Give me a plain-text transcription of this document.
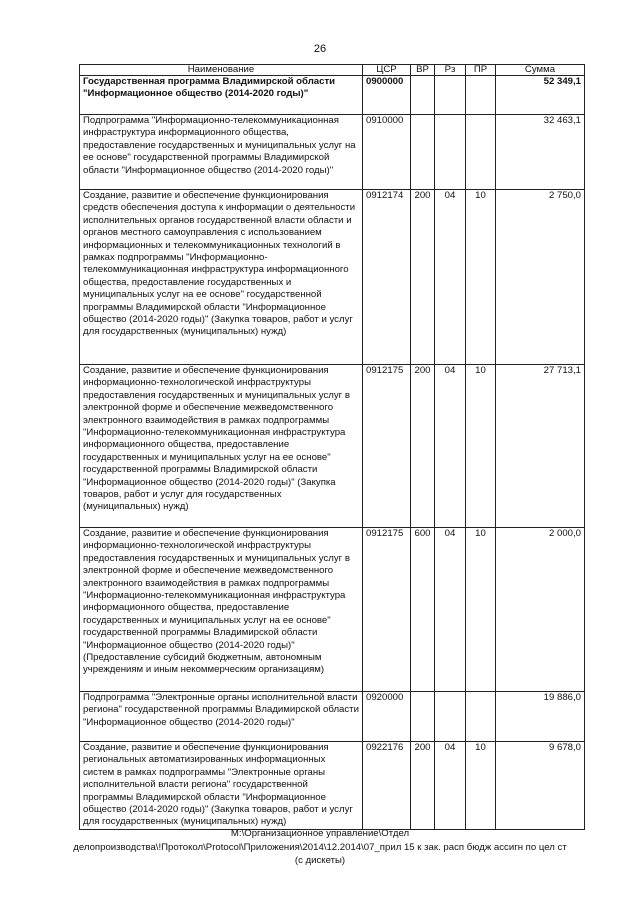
26
Наименование	ЦСР	ВР	Рз	ПР	Сумма
Государственная программа Владимирской области "Информационное общество (2014-2020 годы)"	0900000				52 349,1
Подпрограмма "Информационно-телекоммуникационная инфраструктура информационного общества, предоставление государственных и муниципальных услуг на ее основе" государственной программы Владимирской области "Информационное общество (2014-2020 годы)"	0910000				32 463,1
Создание, развитие и обеспечение функционирования средств обеспечения доступа к информации о деятельности исполнительных органов государственной власти области и органов местного самоуправления с использованием информационных и телекоммуникационных технологий в рамках подпрограммы "Информационно-телекоммуникационная инфраструктура информационного общества, предоставление государственных и муниципальных услуг на ее основе" государственной программы Владимирской области "Информационное общество (2014-2020 годы)" (Закупка товаров, работ и услуг для государственных (муниципальных) нужд)	0912174	200	04	10	2 750,0
Создание, развитие и обеспечение функционирования информационно-технологической инфраструктуры предоставления государственных и муниципальных услуг в электронной форме и обеспечение межведомственного электронного взаимодействия в рамках подпрограммы "Информационно-телекоммуникационная инфраструктура информационного общества, предоставление государственных и муниципальных услуг на ее основе" государственной программы Владимирской области "Информационное общество (2014-2020 годы)" (Закупка товаров, работ и услуг для государственных (муниципальных) нужд)	0912175	200	04	10	27 713,1
Создание, развитие и обеспечение функционирования информационно-технологической инфраструктуры предоставления государственных и муниципальных услуг в электронной форме и обеспечение межведомственного электронного взаимодействия в рамках подпрограммы "Информационно-телекоммуникационная инфраструктура информационного общества, предоставление государственных и муниципальных услуг на ее основе" государственной программы Владимирской области "Информационное общество (2014-2020 годы)" (Предоставление субсидий бюджетным, автономным учреждениям и иным некоммерческим организациям)	0912175	600	04	10	2 000,0
Подпрограмма "Электронные органы исполнительной власти региона" государственной программы Владимирской области "Информационное общество (2014-2020 годы)"	0920000				19 886,0
Создание, развитие и обеспечение функционирования региональных автоматизированных информационных систем в рамках подпрограммы "Электронные органы исполнительной власти региона" государственной программы Владимирской области "Информационное общество (2014-2020 годы)" (Закупка товаров, работ и услуг для государственных (муниципальных) нужд)	0922176	200	04	10	9 678,0
M:\Организационное управление\Отдел
делопроизводства\!Протокол\Protocol\Приложения\2014\12.2014\07_прил 15 к зак. расп бюдж ассигн по цел ст
(с дискеты)
